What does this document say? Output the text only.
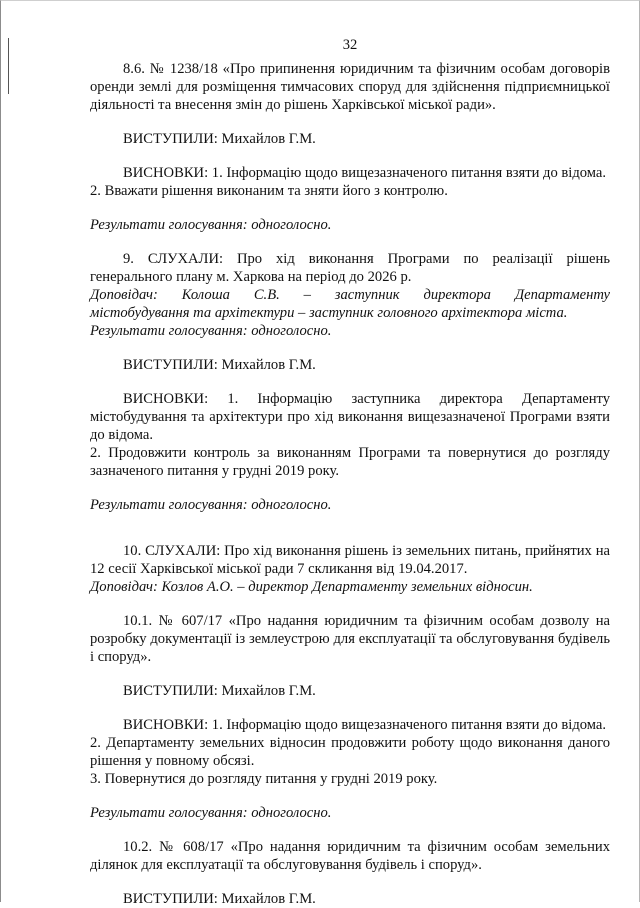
32

8.6. № 1238/18 «Про припинення юридичним та фізичним особам договорів оренди землі для розміщення тимчасових споруд для здійснення підприємницької діяльності та внесення змін до рішень Харківської міської ради».

ВИСТУПИЛИ: Михайлов Г.М.

ВИСНОВКИ: 1. Інформацію щодо вищезазначеного питання взяти до відома.

2. Вважати рішення виконаним та зняти його з контролю.

Результати голосування: одноголосно.

9. СЛУХАЛИ: Про хід виконання Програми по реалізації рішень генерального плану м. Харкова на період до 2026 р.

Доповідач: Колоша С.В. – заступник директора Департаменту

містобудування та архітектури – заступник головного архітектора міста.

Результати голосування: одноголосно.

ВИСТУПИЛИ: Михайлов Г.М.

ВИСНОВКИ: 1. Інформацію заступника директора Департаменту містобудування та архітектури про хід виконання вищезазначеної Програми взяти до відома.

2. Продовжити контроль за виконанням Програми та повернутися до розгляду зазначеного питання у грудні 2019 року.

Результати голосування: одноголосно.

10. СЛУХАЛИ: Про хід виконання рішень із земельних питань, прийнятих на 12 сесії Харківської міської ради 7 скликання від 19.04.2017.

Доповідач: Козлов А.О. – директор Департаменту земельних відносин.

10.1. № 607/17 «Про надання юридичним та фізичним особам дозволу на розробку документації із землеустрою для експлуатації та обслуговування будівель і споруд».

ВИСТУПИЛИ: Михайлов Г.М.

ВИСНОВКИ: 1. Інформацію щодо вищезазначеного питання взяти до відома.

2. Департаменту земельних відносин продовжити роботу щодо виконання даного рішення у повному обсязі.

3. Повернутися до розгляду питання у грудні 2019 року.

Результати голосування: одноголосно.

10.2. № 608/17 «Про надання юридичним та фізичним особам земельних ділянок для експлуатації та обслуговування будівель і споруд».

ВИСТУПИЛИ: Михайлов Г.М.
